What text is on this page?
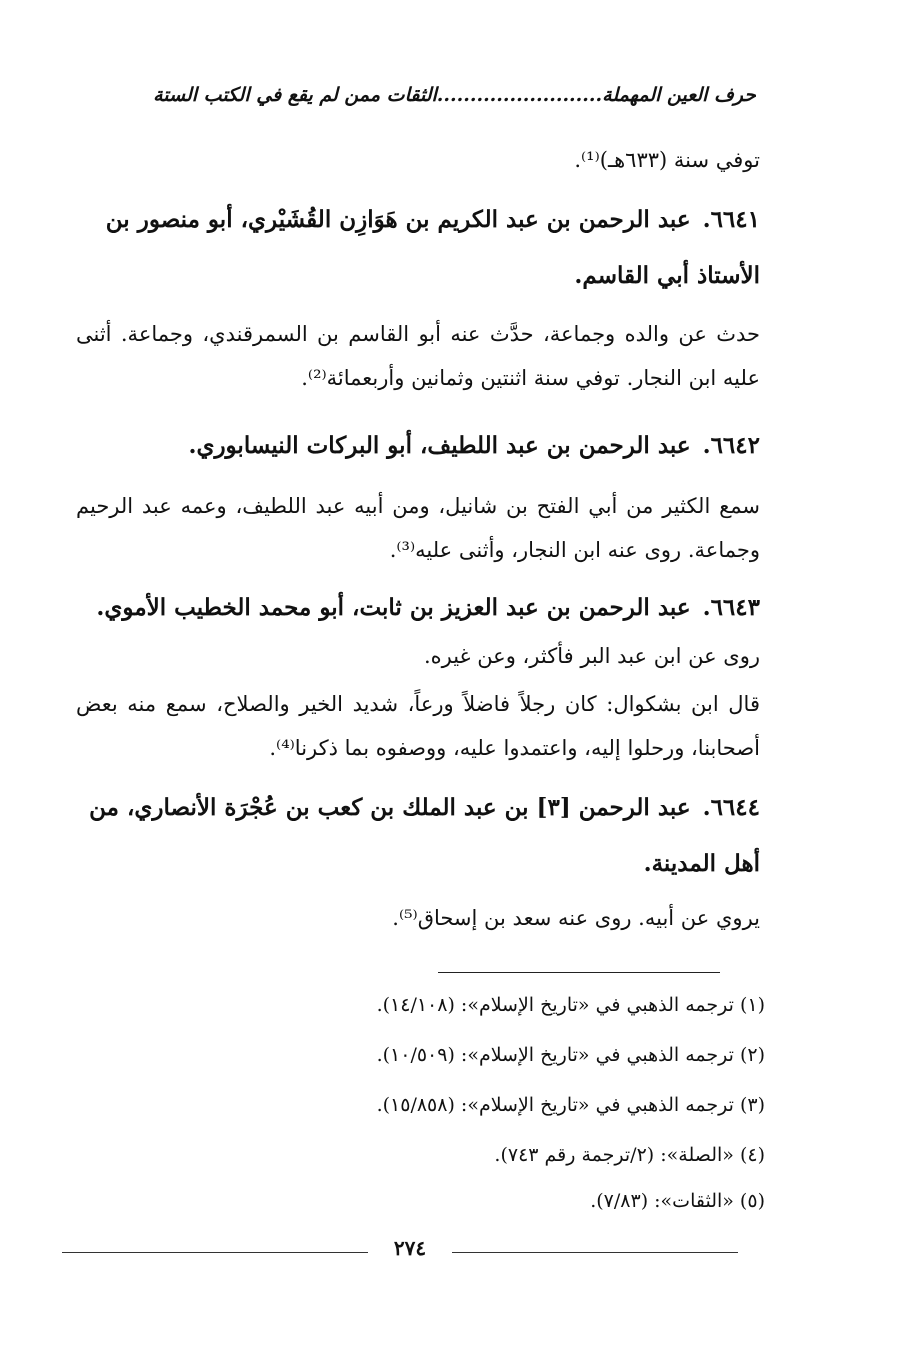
حرف العين المهملة.........................الثقات ممن لم يقع في الكتب الستة
توفي سنة (٦٣٣هـ)⁽¹⁾.
٦٦٤١.عبد الرحمن بن عبد الكريم بن هَوَازِن القُشَيْري، أبو منصور بن الأستاذ أبي القاسم.
حدث عن والده وجماعة، حدَّث عنه أبو القاسم بن السمرقندي، وجماعة. أثنى عليه ابن النجار. توفي سنة اثنتين وثمانين وأربعمائة⁽²⁾.
٦٦٤٢.عبد الرحمن بن عبد اللطيف، أبو البركات النيسابوري.
سمع الكثير من أبي الفتح بن شانيل، ومن أبيه عبد اللطيف، وعمه عبد الرحيم وجماعة. روى عنه ابن النجار، وأثنى عليه⁽³⁾.
٦٦٤٣.عبد الرحمن بن عبد العزيز بن ثابت، أبو محمد الخطيب الأموي.
روى عن ابن عبد البر فأكثر، وعن غيره.
قال ابن بشكوال: كان رجلاً فاضلاً ورعاً، شديد الخير والصلاح، سمع منه بعض أصحابنا، ورحلوا إليه، واعتمدوا عليه، ووصفوه بما ذكرنا⁽⁴⁾.
٦٦٤٤.عبد الرحمن [٣] بن عبد الملك بن كعب بن عُجْرَة الأنصاري، من أهل المدينة.
يروي عن أبيه. روى عنه سعد بن إسحاق⁽⁵⁾.
(١) ترجمه الذهبي في «تاريخ الإسلام»: (١٤/١٠٨).
(٢) ترجمه الذهبي في «تاريخ الإسلام»: (١٠/٥٠٩).
(٣) ترجمه الذهبي في «تاريخ الإسلام»: (١٥/٨٥٨).
(٤) «الصلة»: (٢/ترجمة رقم ٧٤٣).
(٥) «الثقات»: (٧/٨٣).
٢٧٤
